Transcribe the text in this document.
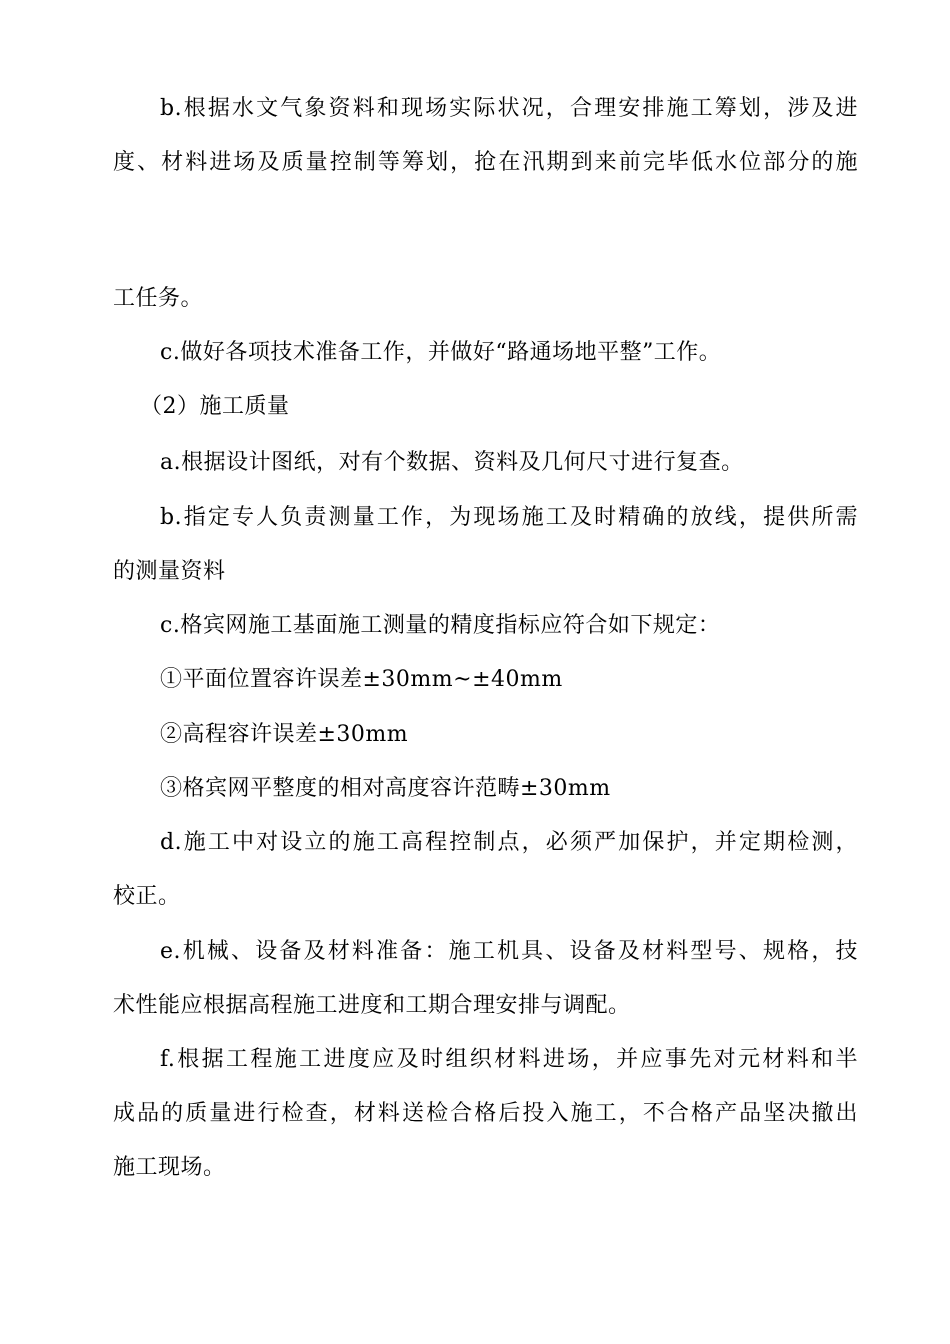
b.根据水文气象资料和现场实际状况，合理安排施工筹划，涉及进
度、材料进场及质量控制等筹划，抢在汛期到来前完毕低水位部分的施
工任务。
c.做好各项技术准备工作，并做好“路通场地平整”工作。
（2）施工质量
a.根据设计图纸，对有个数据、资料及几何尺寸进行复查。
b.指定专人负责测量工作，为现场施工及时精确的放线，提供所需
的测量资料
c.格宾网施工基面施工测量的精度指标应符合如下规定：
①平面位置容许误差±30mm~±40mm
②高程容许误差±30mm
③格宾网平整度的相对高度容许范畴±30mm
d.施工中对设立的施工高程控制点，必须严加保护，并定期检测，
校正。
e.机械、设备及材料准备：施工机具、设备及材料型号、规格，技
术性能应根据高程施工进度和工期合理安排与调配。
f.根据工程施工进度应及时组织材料进场，并应事先对元材料和半
成品的质量进行检查，材料送检合格后投入施工，不合格产品坚决撤出
施工现场。
